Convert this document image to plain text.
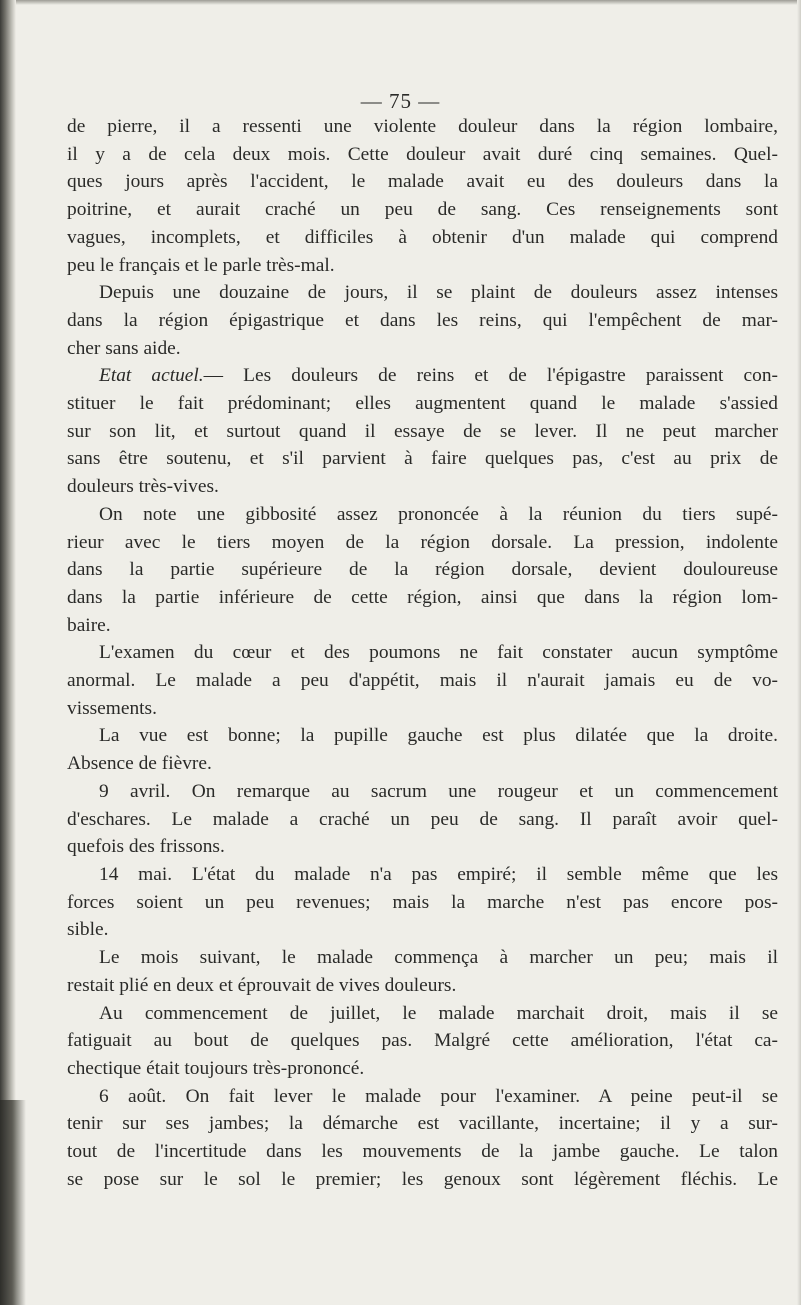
— 75 —
de pierre, il a ressenti une violente douleur dans la région lombaire,
il y a de cela deux mois. Cette douleur avait duré cinq semaines. Quel-
ques jours après l'accident, le malade avait eu des douleurs dans la
poitrine, et aurait craché un peu de sang. Ces renseignements sont
vagues, incomplets, et difficiles à obtenir d'un malade qui comprend
peu le français et le parle très-mal.
Depuis une douzaine de jours, il se plaint de douleurs assez intenses
dans la région épigastrique et dans les reins, qui l'empêchent de mar-
cher sans aide.
Etat actuel.— Les douleurs de reins et de l'épigastre paraissent con-
stituer le fait prédominant; elles augmentent quand le malade s'assied
sur son lit, et surtout quand il essaye de se lever. Il ne peut marcher
sans être soutenu, et s'il parvient à faire quelques pas, c'est au prix de
douleurs très-vives.
On note une gibbosité assez prononcée à la réunion du tiers supé-
rieur avec le tiers moyen de la région dorsale. La pression, indolente
dans la partie supérieure de la région dorsale, devient douloureuse
dans la partie inférieure de cette région, ainsi que dans la région lom-
baire.
L'examen du cœur et des poumons ne fait constater aucun symptôme
anormal. Le malade a peu d'appétit, mais il n'aurait jamais eu de vo-
vissements.
La vue est bonne; la pupille gauche est plus dilatée que la droite.
Absence de fièvre.
9 avril. On remarque au sacrum une rougeur et un commencement
d'eschares. Le malade a craché un peu de sang. Il paraît avoir quel-
quefois des frissons.
14 mai. L'état du malade n'a pas empiré; il semble même que les
forces soient un peu revenues; mais la marche n'est pas encore pos-
sible.
Le mois suivant, le malade commença à marcher un peu; mais il
restait plié en deux et éprouvait de vives douleurs.
Au commencement de juillet, le malade marchait droit, mais il se
fatiguait au bout de quelques pas. Malgré cette amélioration, l'état ca-
chectique était toujours très-prononcé.
6 août. On fait lever le malade pour l'examiner. A peine peut-il se
tenir sur ses jambes; la démarche est vacillante, incertaine; il y a sur-
tout de l'incertitude dans les mouvements de la jambe gauche. Le talon
se pose sur le sol le premier; les genoux sont légèrement fléchis. Le
